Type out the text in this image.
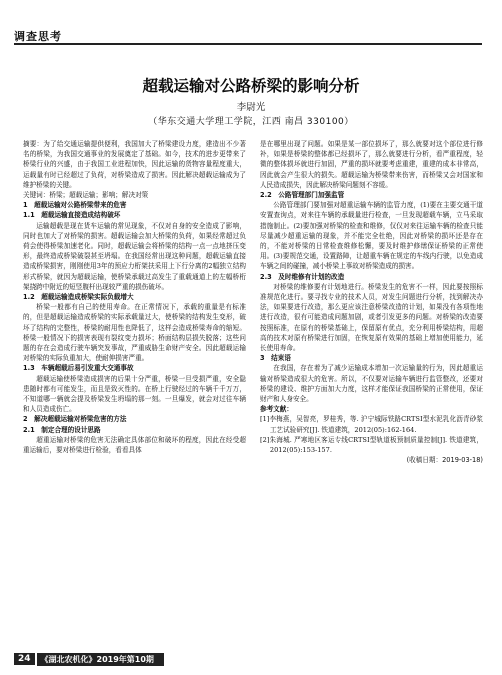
调查思考
超载运输对公路桥梁的影响分析
李尉光
（华东交通大学理工学院，江西 南昌 330100）

摘要：为了给交通运输提供便利，我国加大了桥梁建设力度，建造出不少著名的桥梁，为我国交通事业的发展奠定了基础。如今，技术的进步更带来了桥梁行业的兴盛，由于我国工业进程加快，因此运输的货物容量程度重大，运载量有时已经超过了负荷，对桥梁造成了损害。因此解决超载运输成为了维护桥梁的关键。

关键词：桥梁；超载运输；影响；解决对策

1　超载运输对公路桥梁带来的危害

1.1　超载运输直接造成结构破坏

运输超载是现在货车运输的常见现象，不仅对自身的安全造成了影响，同时也加大了对桥梁的损害。超载运输会加大桥梁的负荷，如果经常超过负荷会使得桥梁加速老化。同时，超载运输会将桥梁的结构一点一点地挤压变形，最终造成桥梁破裂甚至坍塌。在我国经常出现这种问题，超载运输直接造成桥梁损害，刚刚使用3年的预应力桁架扶采用上下行分离的2幅独立结构形式桥梁，就因为超载运输，使桥梁承载过高发生了重载通道上的左幅桥桁架挠跨中附近的短竖腹杆出现较严重的损伤破坏。

1.2　超载运输造成桥梁实际负载增大

桥梁一般都有自己的使用寿命。在正常情况下，承载的重量是有标准的，但是超载运输造成桥梁的实际承载量过大，使桥梁的结构发生变形，破坏了结构的完整性，桥梁的耐用性也降低了，这样会造成桥梁寿命的缩短。桥梁一般情况下的损害表现有裂纹变力损坏；桥面结构层损失脱落；这些问题的存在会造成行驶车辆突发事故，严重威胁生命财产安全。因此超载运输对桥梁的实际负重加大，使耐伸损害严重。

1.3　车辆超载后易引发重大交通事故

超载运输使桥梁造成损害的后果十分严重，桥梁一旦受损严重，安全隐患随时都有可能发生，而且是致灭性的。在桥上行驶经过的车辆千千万万，不知道哪一辆就会提及桥梁发生坍塌的那一刻。一旦爆发，就会对过往车辆和人员造成伤亡。

2　解决超载运输对桥梁危害的方法

2.1　制定合理的设计思路

超重运输对桥梁的危害无法确定具体部位和破坏的程度，因此在经受超重运输后，要对桥梁进行检验，看看具体

是在哪里出现了问题。如果是某一部位损坏了，那么就要对这个部位进行修补，如果是桥梁的整体都已经损坏了，那么就要进行分析，看严重程度，轻微的整体损坏就进行加固，严重的损坏就要考虑重建，重建的成本非常高，因此就会产生很大的损失。超载运输为桥梁带来伤害，而桥梁又会对国家和人民造成损失，因此解决桥梁问题刻不容缓。

2.2　公路管理部门加强监管

公路管理部门要加强对超重运输车辆的监管力度，(1)要在主要交通干道安置查询点，对来往车辆的承载量进行检查，一旦发现超载车辆，立马采取措施制止。(2)要加强对桥梁的检查和维修，仅仅对来往运输车辆的检查只能尽量减少超重运输的现象，并不能完全杜绝，因此对桥梁的损坏还是存在的，不能对桥梁的日常检查维修松懈，要及时维护修缮保证桥梁的正常使用。(3)要规范交通，设置路障，让超重车辆在规定的车线内行驶，以免造成车辆之间的碰撞，减小桥梁上事故对桥梁造成的损害。

2.3　及时维修有计划的改造

对桥梁的维修要有计划地进行。桥梁发生的危害不一样，因此要按照标准规范化进行。要寻找专业的技术人员，对发生问题进行分析，找到解决办法，如果要进行改造，那么更应该注意桥梁改造的计划，如果没有各项性地进行改造，很有可能造成问题加剧，或者引发更多的问题。对桥梁的改造要按照标准，在原有的桥梁基础上，保留原有优点，充分利用桥梁结构，用超高的技术对原有桥梁进行加固，在恢复原有效果的基础上增加使用能力，延长使用寿命。

3　结束语

在我国，存在着为了减少运输成本增加一次运输量的行为，因此超重运输对桥梁造成很大的危害。所以，不仅要对运输车辆进行监管整改，还要对桥梁的建设、维护方面加大力度，这样才能保证我国桥梁的正常使用，保证财产和人身安全。

参考文献：

[1]李梅燕，吴智亮，罗桂秀，等. 沪宁城际铁路CRTSⅠ型水泥乳化沥青砂浆工艺试验研究[J]. 铁道建筑，2012(05):162-164.

[2]朱海城. 严寒地区客运专线CRTSⅠ型轨道板预制质量控制[J]. 铁道建筑，2012(05):153-157.

(收稿日期：2019-03-18)

24	《湖北农机化》2019年第10期
